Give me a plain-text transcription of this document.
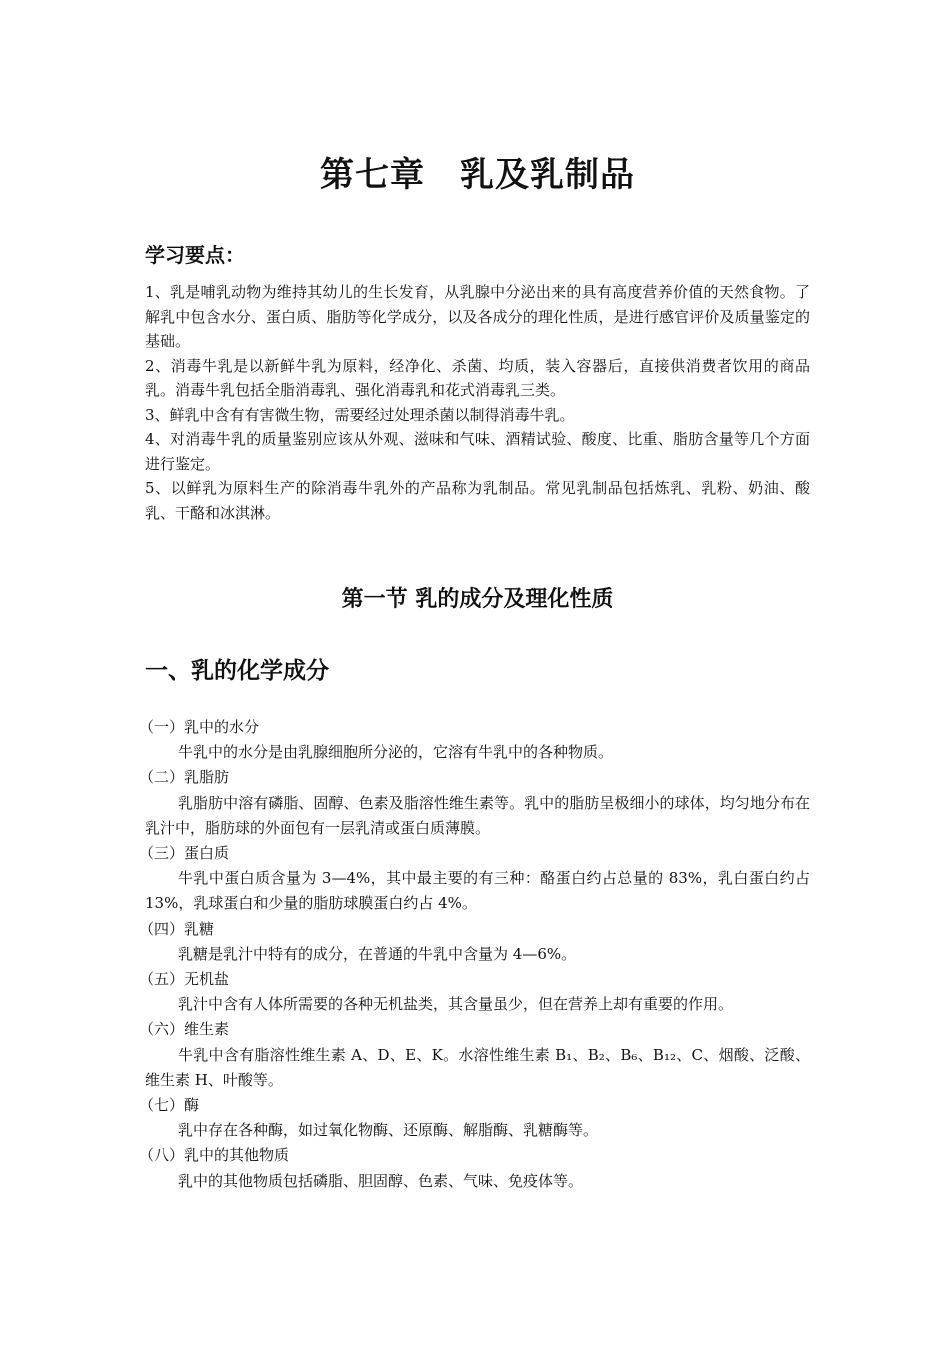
第七章　乳及乳制品
学习要点：

1、乳是哺乳动物为维持其幼儿的生长发育，从乳腺中分泌出来的具有高度营养价值的天然食物。了解乳中包含水分、蛋白质、脂肪等化学成分，以及各成分的理化性质，是进行感官评价及质量鉴定的基础。

2、消毒牛乳是以新鲜牛乳为原料，经净化、杀菌、均质，装入容器后，直接供消费者饮用的商品乳。消毒牛乳包括全脂消毒乳、强化消毒乳和花式消毒乳三类。

3、鲜乳中含有有害微生物，需要经过处理杀菌以制得消毒牛乳。

4、对消毒牛乳的质量鉴别应该从外观、滋味和气味、酒精试验、酸度、比重、脂肪含量等几个方面进行鉴定。

5、以鲜乳为原料生产的除消毒牛乳外的产品称为乳制品。常见乳制品包括炼乳、乳粉、奶油、酸乳、干酪和冰淇淋。

第一节 乳的成分及理化性质
一、乳的化学成分

（一）乳中的水分

牛乳中的水分是由乳腺细胞所分泌的，它溶有牛乳中的各种物质。

（二）乳脂肪

乳脂肪中溶有磷脂、固醇、色素及脂溶性维生素等。乳中的脂肪呈极细小的球体，均匀地分布在乳汁中，脂肪球的外面包有一层乳清或蛋白质薄膜。

（三）蛋白质

牛乳中蛋白质含量为 3—4%，其中最主要的有三种：酪蛋白约占总量的 83%，乳白蛋白约占 13%，乳球蛋白和少量的脂肪球膜蛋白约占 4%。

（四）乳糖

乳糖是乳汁中特有的成分，在普通的牛乳中含量为 4—6%。

（五）无机盐

乳汁中含有人体所需要的各种无机盐类，其含量虽少，但在营养上却有重要的作用。

（六）维生素

牛乳中含有脂溶性维生素 A、D、E、K。水溶性维生素 B₁、B₂、B₆、B₁₂、C、烟酸、泛酸、维生素 H、叶酸等。

（七）酶

乳中存在各种酶，如过氧化物酶、还原酶、解脂酶、乳糖酶等。

（八）乳中的其他物质

乳中的其他物质包括磷脂、胆固醇、色素、气味、免疫体等。
